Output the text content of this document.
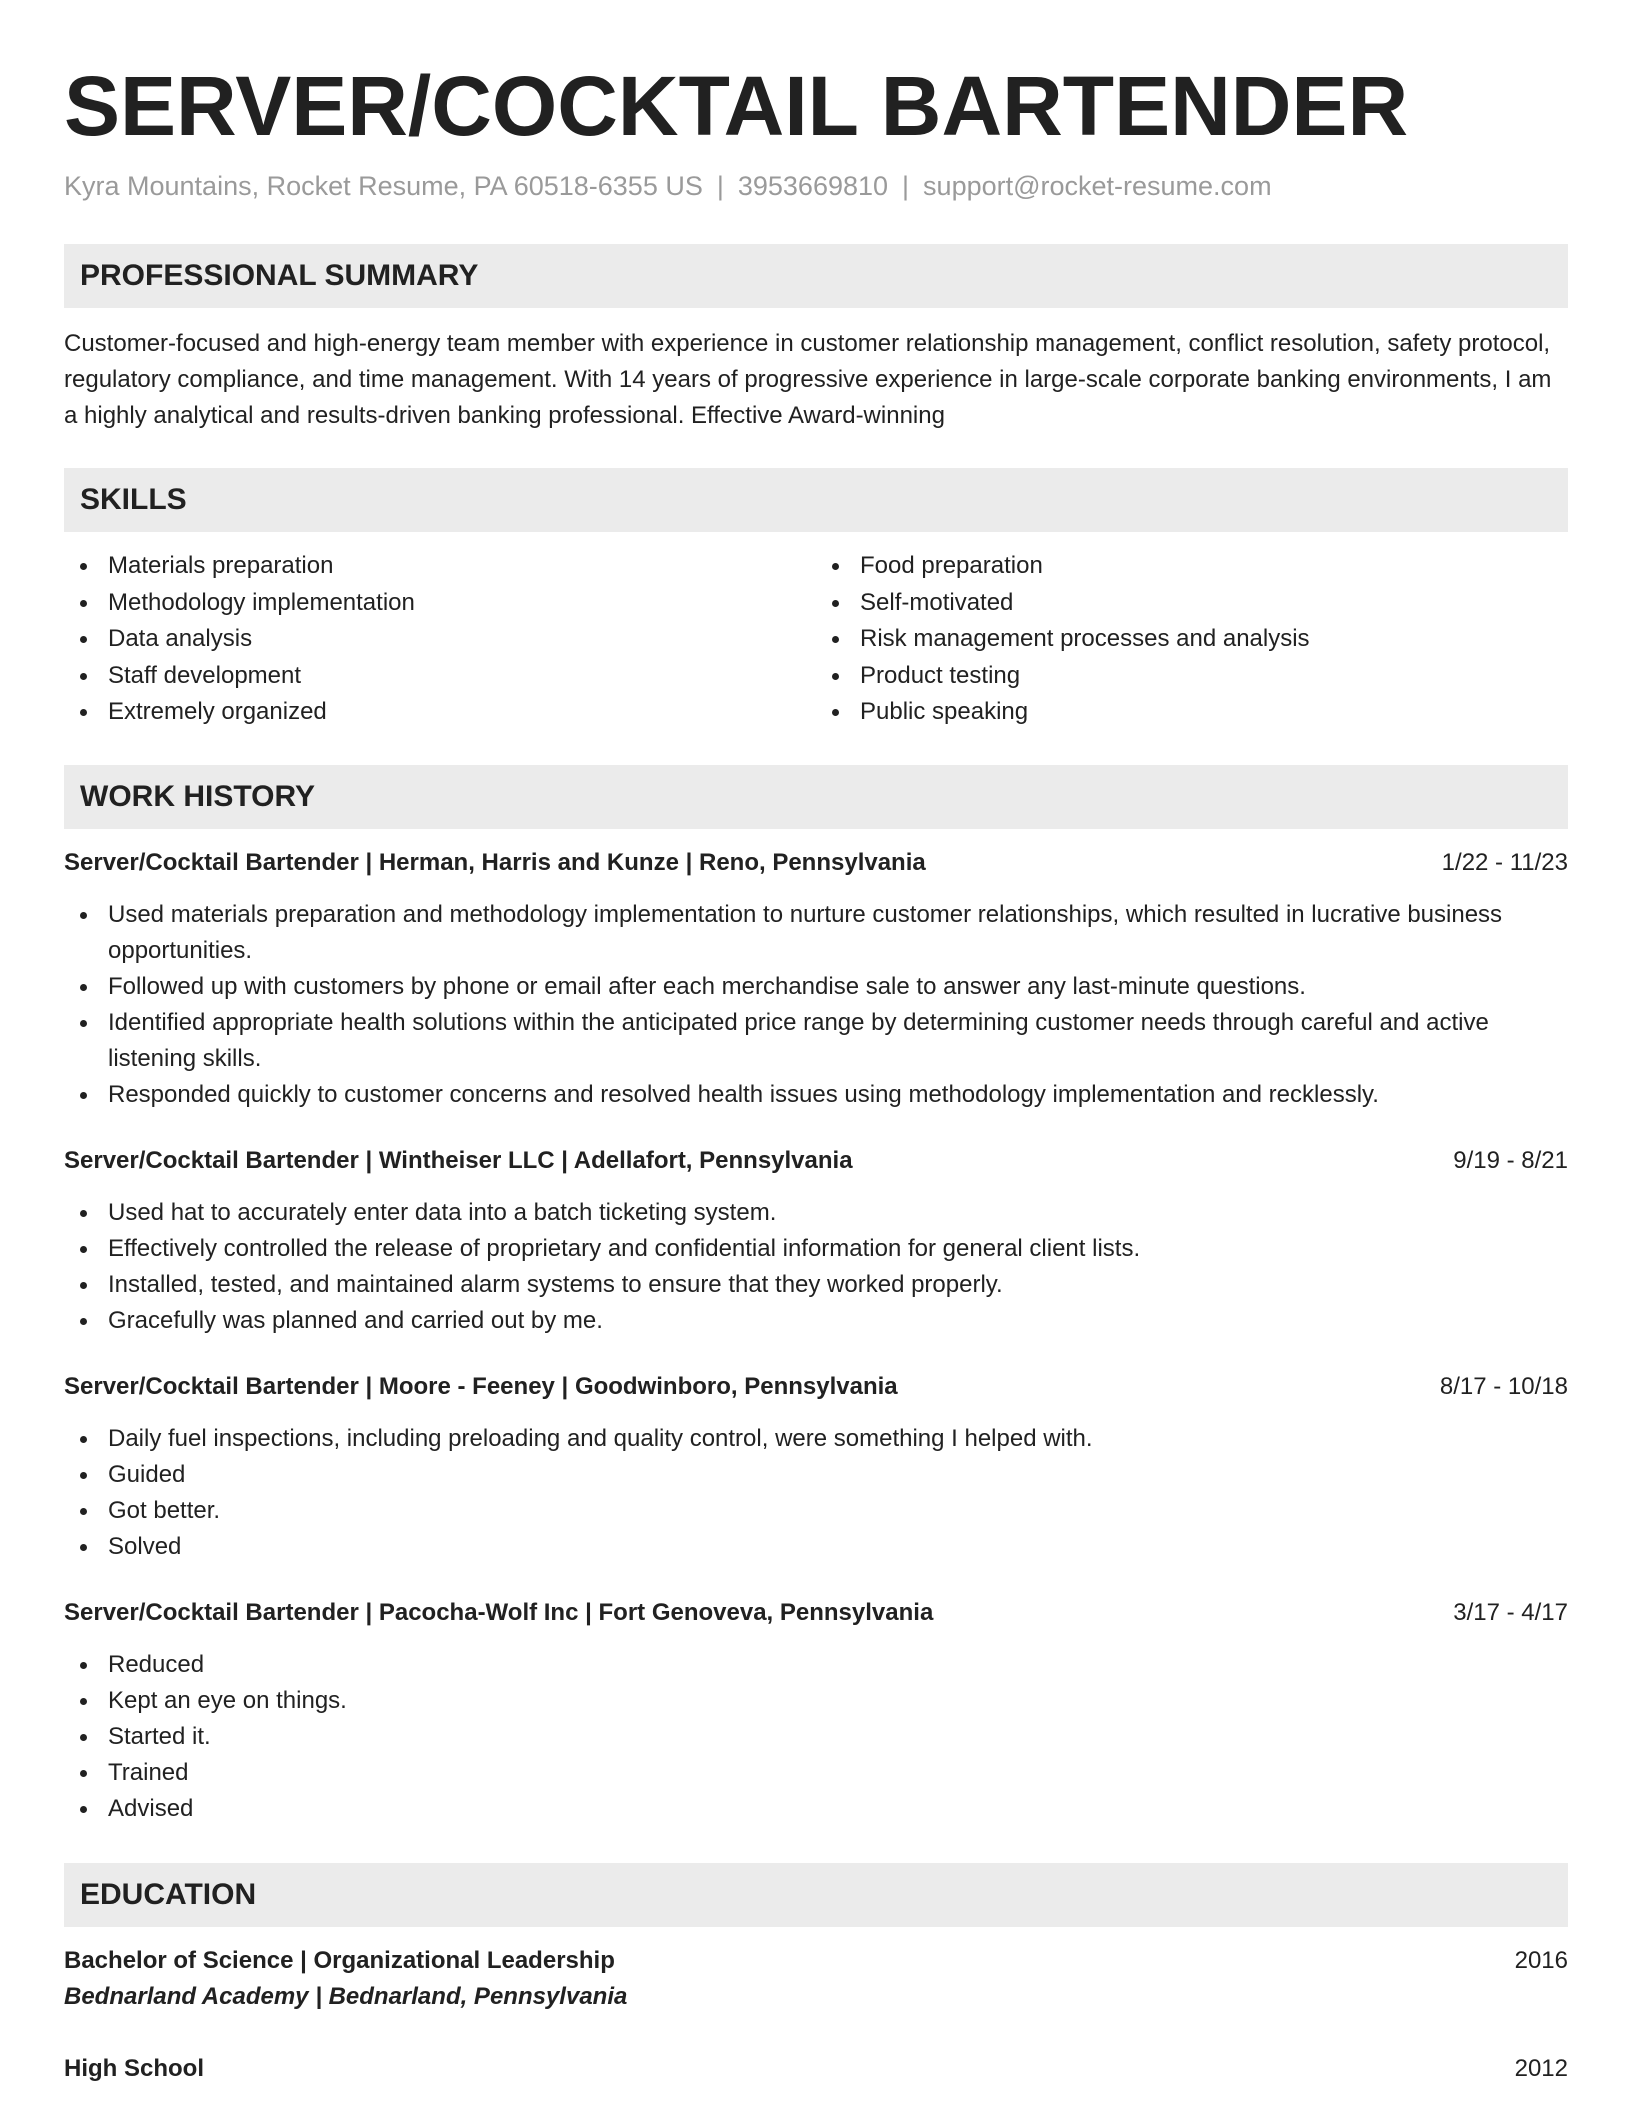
SERVER/COCKTAIL BARTENDER
Kyra Mountains, Rocket Resume, PA 60518-6355 US | 3953669810 | support@rocket-resume.com
PROFESSIONAL SUMMARY

Customer-focused and high-energy team member with experience in customer relationship management, conflict resolution, safety protocol, regulatory compliance, and time management. With 14 years of progressive experience in large-scale corporate banking environments, I am a highly analytical and results-driven banking professional. Effective Award-winning

SKILLS
Materials preparation
Methodology implementation
Data analysis
Staff development
Extremely organized
Food preparation
Self-motivated
Risk management processes and analysis
Product testing
Public speaking
WORK HISTORY
Server/Cocktail Bartender | Herman, Harris and Kunze | Reno, Pennsylvania	1/22 - 11/23
Used materials preparation and methodology implementation to nurture customer relationships, which resulted in lucrative business opportunities.
Followed up with customers by phone or email after each merchandise sale to answer any last-minute questions.
Identified appropriate health solutions within the anticipated price range by determining customer needs through careful and active listening skills.
Responded quickly to customer concerns and resolved health issues using methodology implementation and recklessly.
Server/Cocktail Bartender | Wintheiser LLC | Adellafort, Pennsylvania	9/19 - 8/21
Used hat to accurately enter data into a batch ticketing system.
Effectively controlled the release of proprietary and confidential information for general client lists.
Installed, tested, and maintained alarm systems to ensure that they worked properly.
Gracefully was planned and carried out by me.
Server/Cocktail Bartender | Moore - Feeney | Goodwinboro, Pennsylvania	8/17 - 10/18
Daily fuel inspections, including preloading and quality control, were something I helped with.
Guided
Got better.
Solved
Server/Cocktail Bartender | Pacocha-Wolf Inc | Fort Genoveva, Pennsylvania	3/17 - 4/17
Reduced
Kept an eye on things.
Started it.
Trained
Advised
EDUCATION
Bachelor of Science | Organizational Leadership	2016
Bednarland Academy | Bednarland, Pennsylvania
High School	2012
